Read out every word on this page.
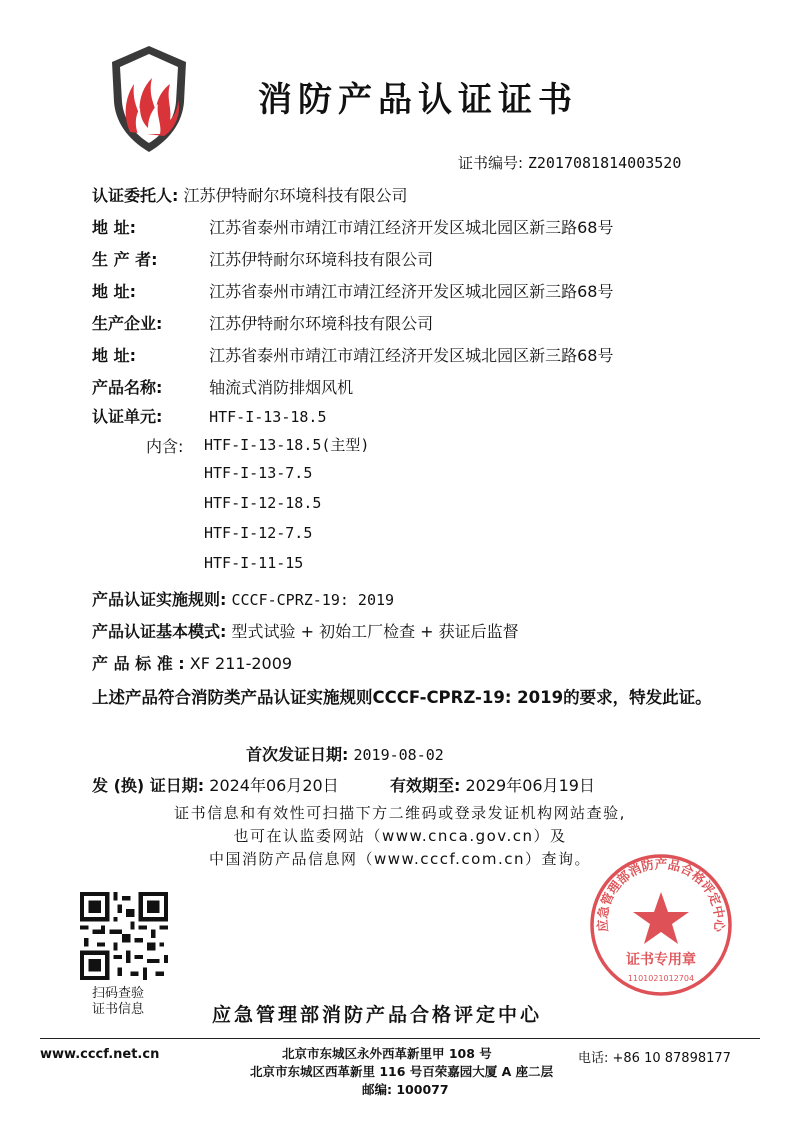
消防产品认证证书
证书编号: Z2017081814003520
认证委托人: 江苏伊特耐尔环境科技有限公司
地 址:	江苏省泰州市靖江市靖江经济开发区城北园区新三路68号
生 产 者:	江苏伊特耐尔环境科技有限公司
地 址:	江苏省泰州市靖江市靖江经济开发区城北园区新三路68号
生产企业:	江苏伊特耐尔环境科技有限公司
地 址:	江苏省泰州市靖江市靖江经济开发区城北园区新三路68号
产品名称:	轴流式消防排烟风机
认证单元:	HTF-I-13-18.5
内含: HTF-I-13-18.5(主型)
HTF-I-13-7.5
HTF-I-12-18.5
HTF-I-12-7.5
HTF-I-11-15
产品认证实施规则: CCCF-CPRZ-19: 2019
产品认证基本模式: 型式试验 + 初始工厂检查 + 获证后监督
产 品 标 准 : XF 211-2009
上述产品符合消防类产品认证实施规则CCCF-CPRZ-19: 2019的要求，特发此证。
首次发证日期: 2019-08-02
发 (换) 证日期: 2024年06月20日	有效期至: 2029年06月19日
证书信息和有效性可扫描下方二维码或登录发证机构网站查验,
也可在认监委网站（www.cnca.gov.cn）及
中国消防产品信息网（www.cccf.com.cn）查询。
扫码查验
证书信息	应急管理部消防产品合格评定中心
应急管理部消防产品合格评定中心
证书专用章
1101021012704
www.cccf.net.cn	北京市东城区永外西革新里甲 108 号
北京市东城区西革新里 116 号百荣嘉园大厦 A 座二层
邮编: 100077
电话: +86 10 87898177
